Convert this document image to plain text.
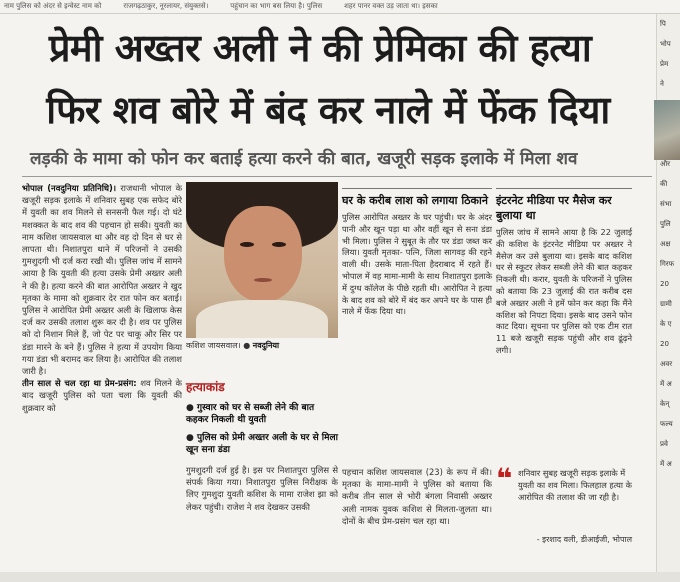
नाम पुलिस को अंदर से इन्वेस्ट नाम को	राजगढ़ठाकुर, नूरलायर, संयुक्तसे।	पहुंचान का भाग बस लिया है। पुलिस	शहर पानर वक्त उड़ जाता था। इसका
प्रेमी अख्तर अली ने की प्रेमिका की हत्या
फिर शव बोरे में बंद कर नाले में फेंक दिया
लड़की के मामा को फोन कर बताई हत्या करने की बात, खजूरी सड़क इलाके में मिला शव
भोपाल (नवदुनिया प्रतिनिधि)। राजधानी भोपाल के खजूरी सड़क इलाके में शनिवार सुबह एक सफेद बोरे में युवती का शव मिलने से सनसनी फैल गई। दो घंटे मशक्कत के बाद शव की पहचान हो सकी। युवती का नाम कशिश जायसवाल था और वह दो दिन से घर से लापता थी। निशातपुरा थाने में परिजनों ने उसकी गुमशुदगी भी दर्ज करा रखी थी। पुलिस जांच में सामने आया है कि युवती की हत्या उसके प्रेमी अख्तर अली ने की है। हत्या करने की बात आरोपित अख्तर ने खुद मृतका के मामा को शुक्रवार देर रात फोन कर बताई। पुलिस ने आरोपित प्रेमी अख्तर अली के खिलाफ केस दर्ज कर उसकी तलाश शुरू कर दी है। शव पर पुलिस को दो निशान मिले हैं, जो पेट पर चाकू और सिर पर डंडा मारने के बने हैं। पुलिस ने हत्या में उपयोग किया गया डंडा भी बरामद कर लिया है। आरोपित की तलाश जारी है।
तीन साल से चल रहा था प्रेम-प्रसंग: शव मिलने के बाद खजूरी पुलिस को पता चला कि युवती की शुक्रवार को
कशिश जायसवाल। ● नवदुनिया
हत्याकांड
● गुस्वार को घर से सब्जी लेने की बात कहकर निकली थी युवती
● पुलिस को प्रेमी अख्तर अली के घर से मिला खून सना डंडा
गुमशुदगी दर्ज हुई है। इस पर निशातपुरा पुलिस से संपर्क किया गया। निशातपुरा पुलिस निरीक्षक के लिए गुमशुदा युवती कशिश के मामा राजेश झा को लेकर पहुंची। राजेश ने शव देखकर उसकी
घर के करीब लाश को लगाया ठिकाने
पुलिस आरोपित अख्तर के घर पहुंची। घर के अंदर पानी और खून पड़ा था और वहीं खून से सना डंडा भी मिला। पुलिस ने सुबूत के तौर पर डंडा जब्त कर लिया। युवती मृतका- पत्नि, जिला सागवड़ की रहने वाली थी। उसके माता-पिता हैदराबाद में रहते हैं। भोपाल में वह मामा-मामी के साथ निशातपुरा इलाके में दुग्ध कॉलेज के पीछे रहती थी। आरोपित ने हत्या के बाद शव को बोरे में बंद कर अपने घर के पास ही नाले में फेंक दिया था।
इंटरनेट मीडिया पर मैसेज कर बुलाया था
पुलिस जांच में सामने आया है कि 22 जुलाई की कशिश के इंटरनेट मीडिया पर अख्तर ने मैसेज कर उसे बुलाया था। इसके बाद कशिश घर से स्कूटर लेकर सब्जी लेने की बात कहकर निकली थी। करार, युवती के परिजनों ने पुलिस को बताया कि 23 जुलाई की रात करीब दस बजे अख्तर अली ने हमें फोन कर कहा कि मैंने कशिश को निपटा दिया। इसके बाद उसने फोन काट दिया। सूचना पर पुलिस को एक टीम रात 11 बजे खजूरी सड़क पहुंची और शव ढूंढ़ने लगी।
पहचान कशिश जायसवाल (23) के रूप में की। मृतका के मामा-मामी ने पुलिस को बताया कि करीब तीन साल से भोरी बंगला निवासी अख्तर अली नामक युवक कशिश से मिलता-जुलता था। दोनों के बीच प्रेम-प्रसंग चल रहा था।
❝ शनिवार सुबह खजूरी सड़क इलाके में युवती का शव मिला। फिलहाल हत्या के आरोपित की तलाश की जा रही है।
- इरशाद वली, डीआईजी, भोपाल
पि
भोप
प्रेम
ने
और
की
संभा
पुलि
अक्ष
गिरफ
20
ग्रामी
के ए
20
अवर
में अ
केन्
फल्य
प्रवे
में अ
